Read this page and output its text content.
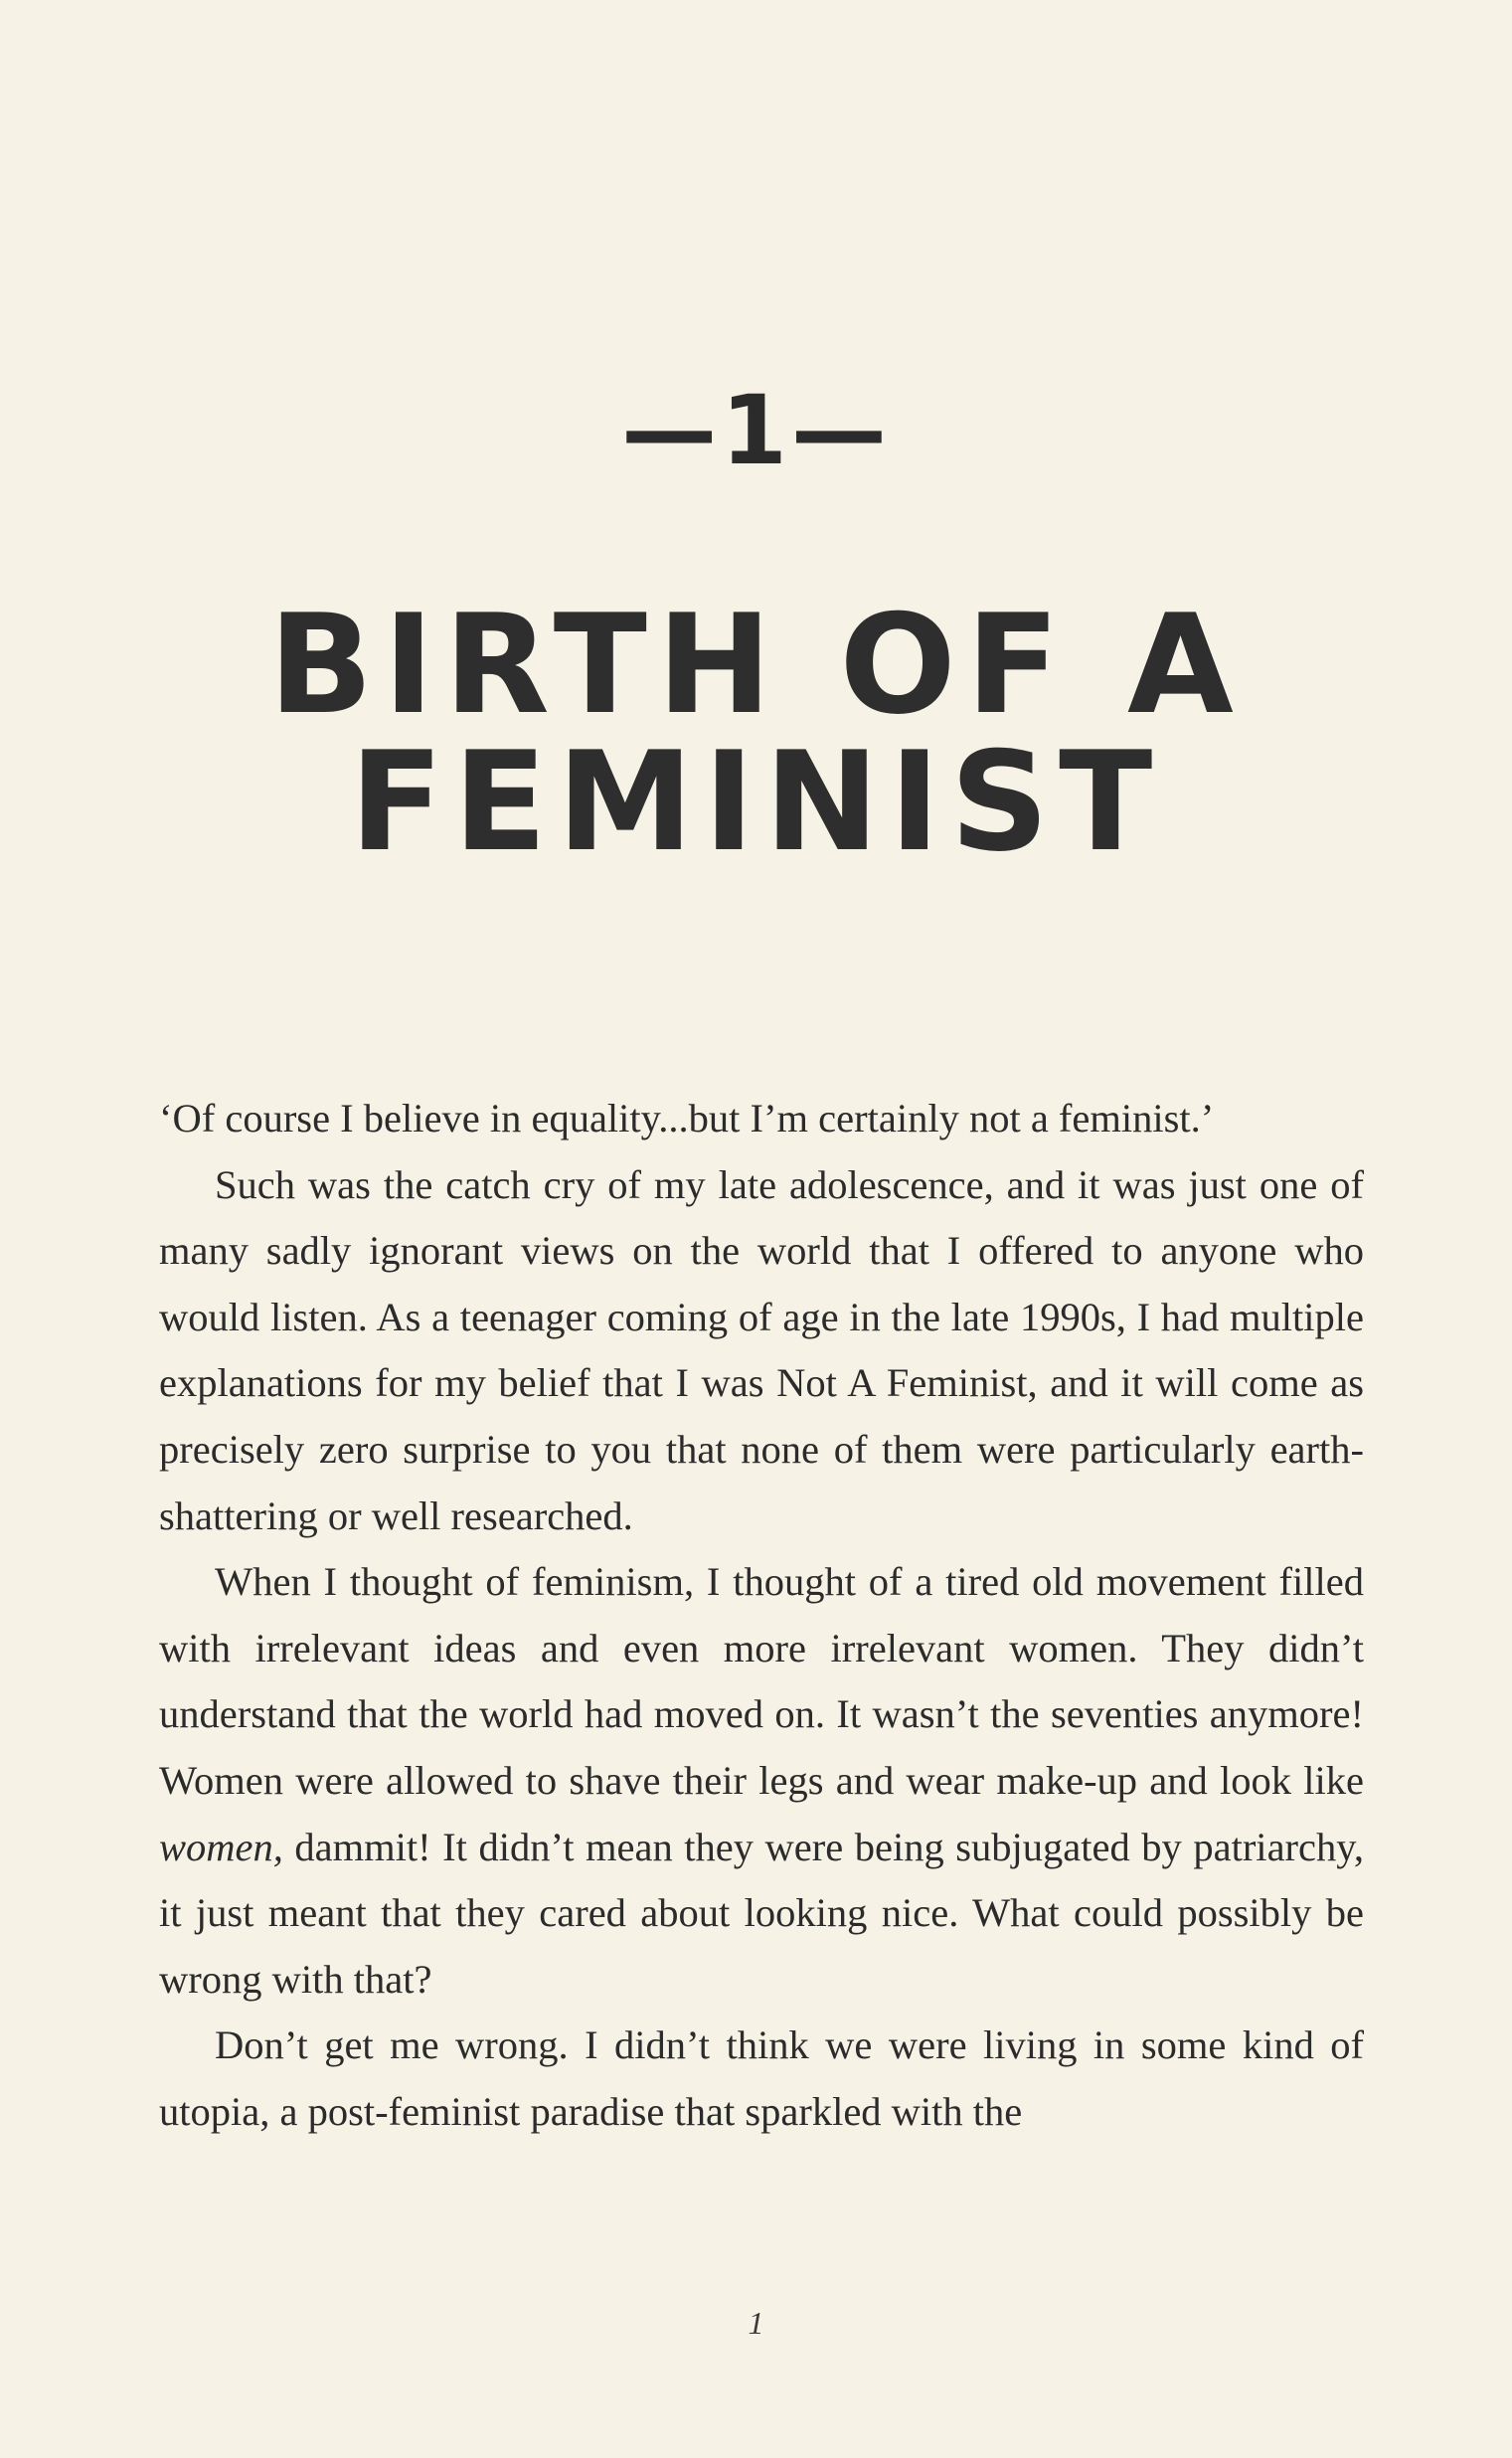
—1—
BIRTH OF A
FEMINIST

‘Of course I believe in equality...but I’m certainly not a feminist.’

Such was the catch cry of my late adolescence, and it was just one of many sadly ignorant views on the world that I offered to anyone who would listen. As a teenager coming of age in the late 1990s, I had multiple explanations for my belief that I was Not A Feminist, and it will come as precisely zero surprise to you that none of them were particularly earth-shattering or well researched.

When I thought of feminism, I thought of a tired old movement filled with irrelevant ideas and even more irrelevant women. They didn’t understand that the world had moved on. It wasn’t the seventies anymore! Women were allowed to shave their legs and wear make-up and look like women, dammit! It didn’t mean they were being subjugated by patriarchy, it just meant that they cared about looking nice. What could possibly be wrong with that?

Don’t get me wrong. I didn’t think we were living in some kind of utopia, a post-feminist paradise that sparkled with the

1
